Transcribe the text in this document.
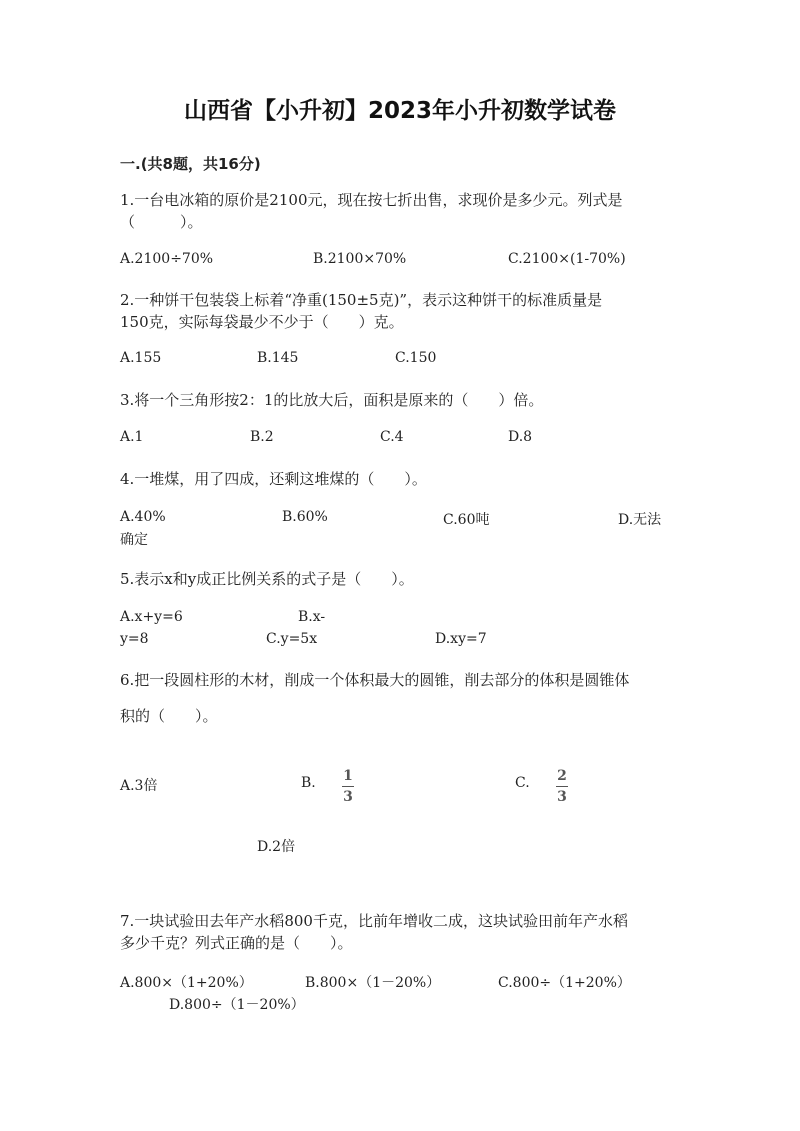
山西省【小升初】2023年小升初数学试卷
一.(共8题，共16分)
1.一台电冰箱的原价是2100元，现在按七折出售，求现价是多少元。列式是
（　　　）。
A.2100÷70%	B.2100×70%	C.2100×(1-70%)
2.一种饼干包装袋上标着“净重(150±5克)”，表示这种饼干的标准质量是
150克，实际每袋最少不少于（　　）克。
A.155	B.145	C.150
3.将一个三角形按2：1的比放大后，面积是原来的（　　）倍。
A.1	B.2	C.4	D.8
4.一堆煤，用了四成，还剩这堆煤的（　　）。
A.40%	B.60%	C.60吨	D.无法
确定
5.表示x和y成正比例关系的式子是（　　）。
A.x+y=6	B.x-
y=8	C.y=5x	D.xy=7
6.把一段圆柱形的木材，削成一个体积最大的圆锥，削去部分的体积是圆锥体
积的（　　）。
A.3倍	B. 1
3
C. 2
3
D.2倍
7.一块试验田去年产水稻800千克，比前年增收二成，这块试验田前年产水稻
多少千克？列式正确的是（　　）。
A.800×（1+20%）	B.800×（1－20%）	C.800÷（1+20%）
D.800÷（1－20%）
